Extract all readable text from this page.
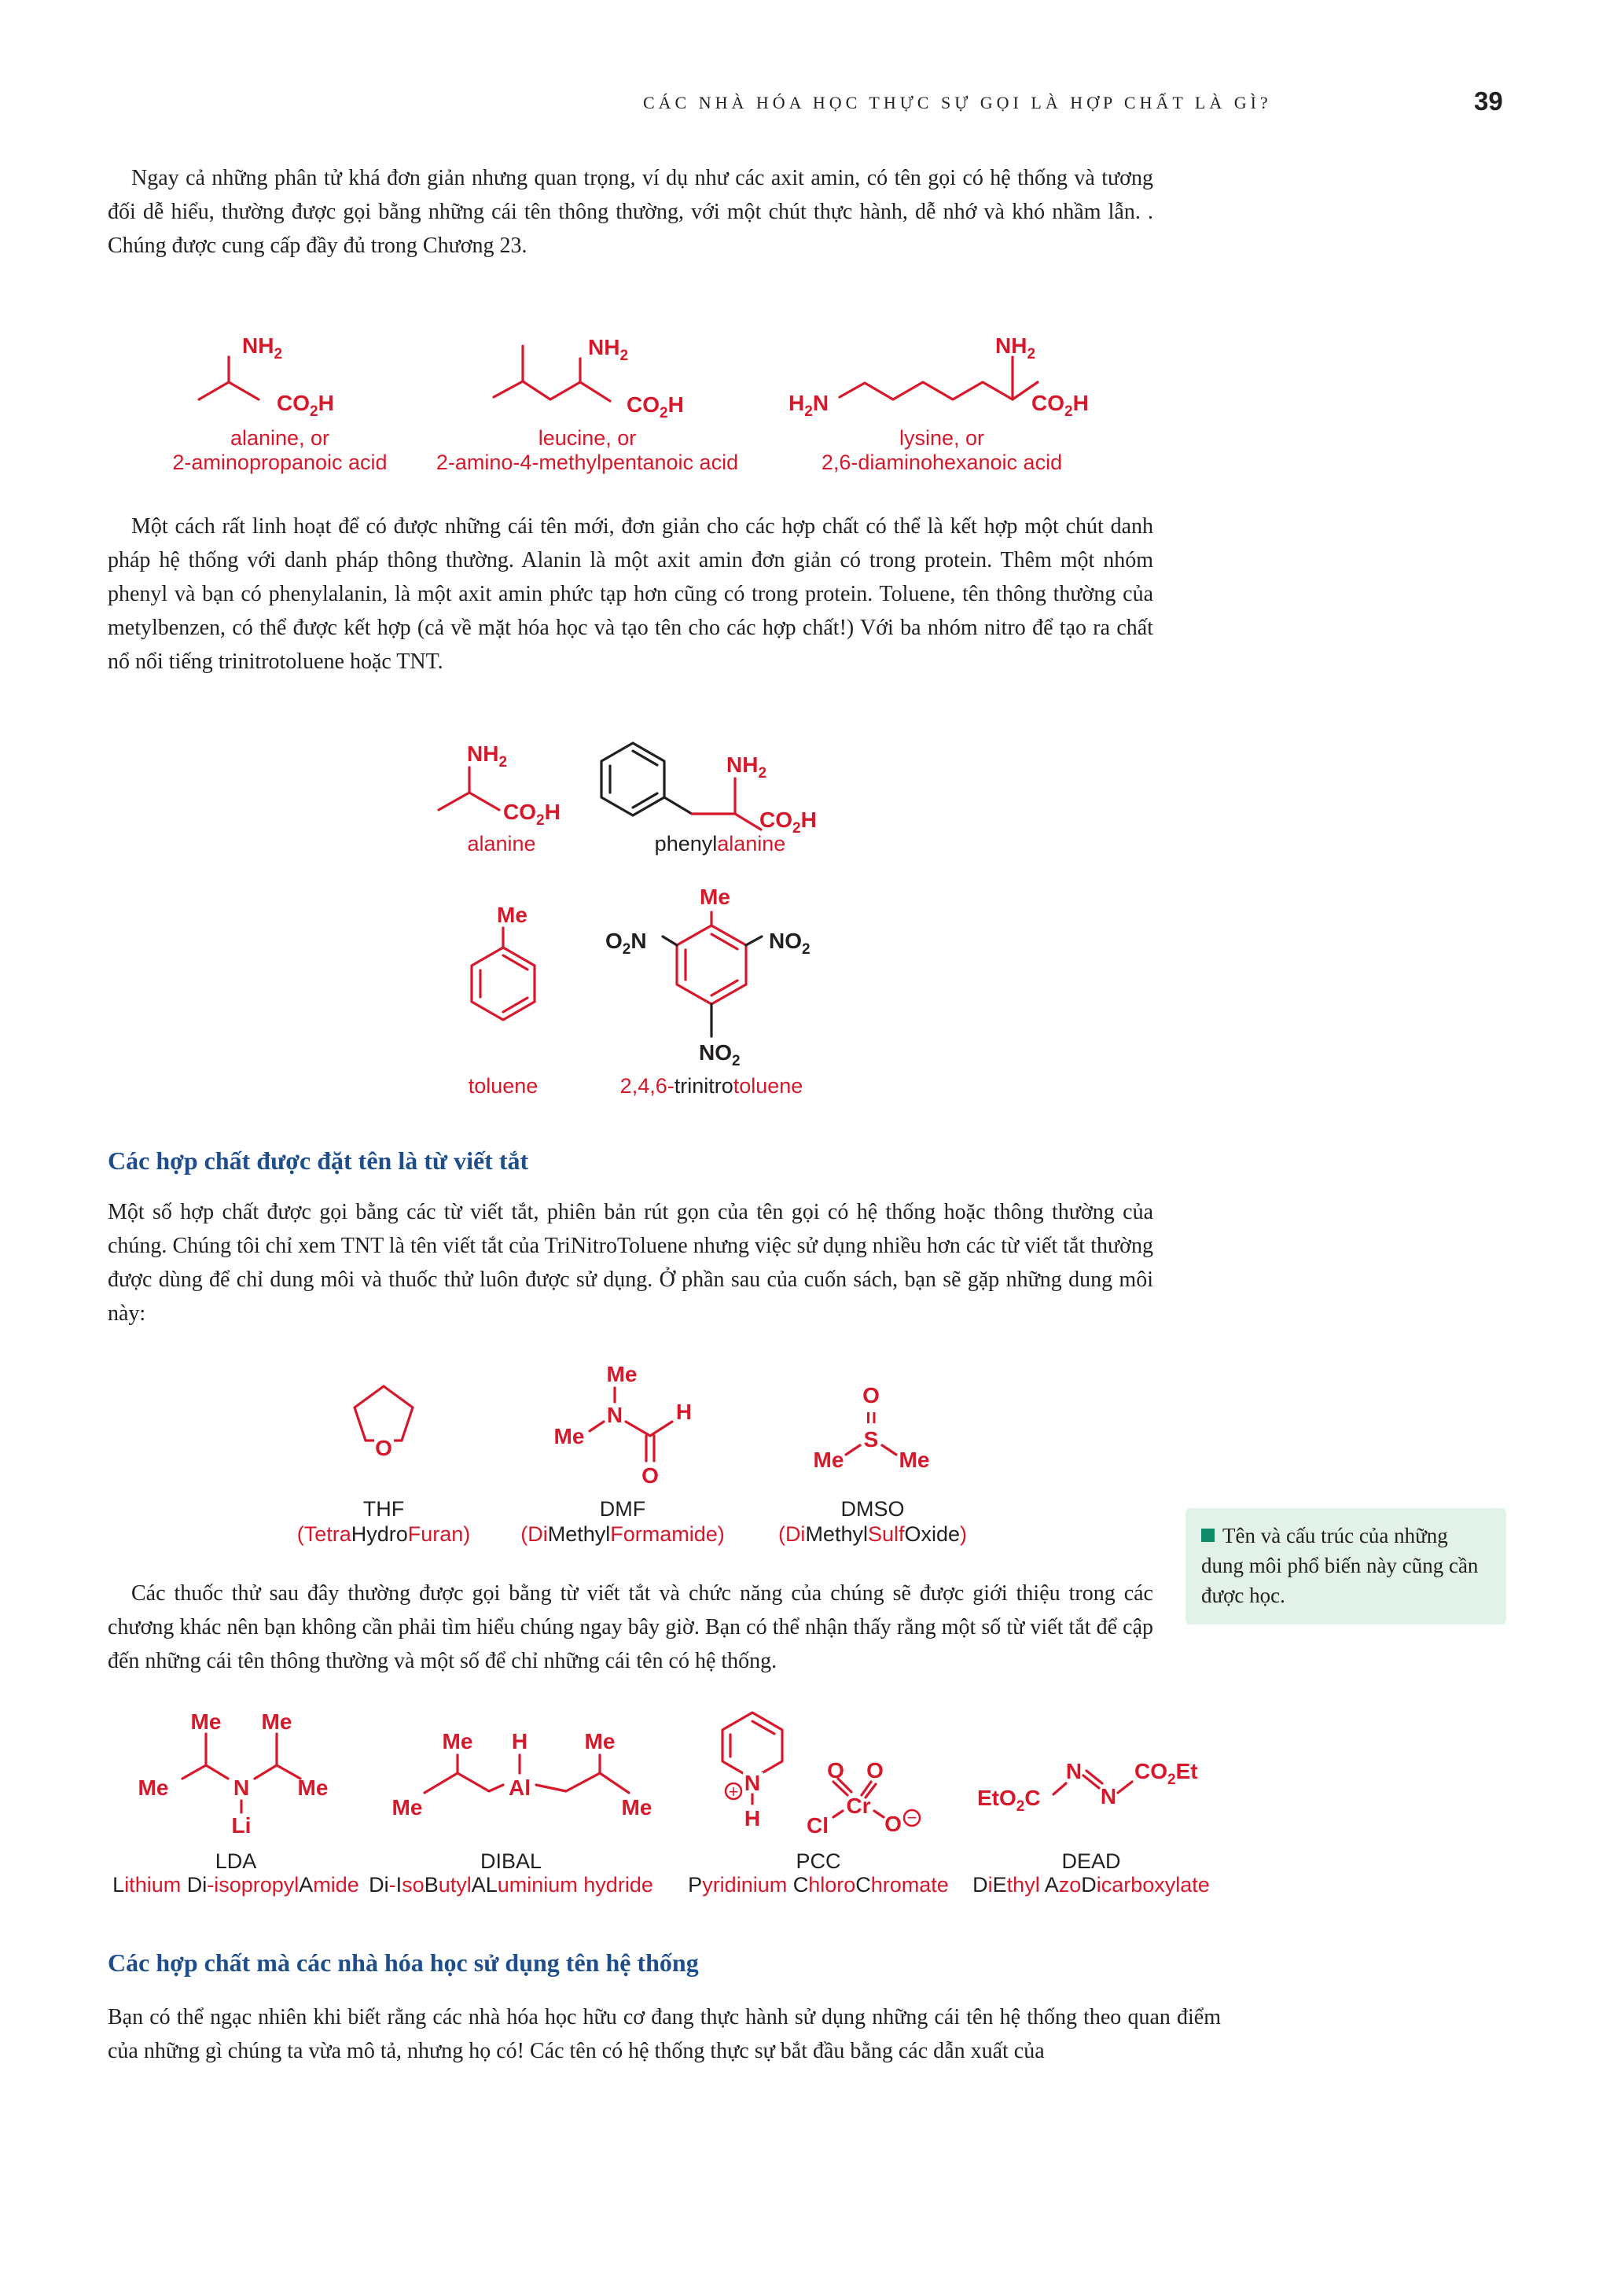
CÁC NHÀ HÓA HỌC THỰC SỰ GỌI LÀ HỢP CHẤT LÀ GÌ?	39

Ngay cả những phân tử khá đơn giản nhưng quan trọng, ví dụ như các axit amin, có tên gọi có hệ thống và tương đối dễ hiểu, thường được gọi bằng những cái tên thông thường, với một chút thực hành, dễ nhớ và khó nhầm lẫn. . Chúng được cung cấp đầy đủ trong Chương 23.

$NH_2$
$CO_2H$
alanine, or
2-aminopropanoic acid
$NH_2$
$CO_2H$
leucine, or
2-amino-4-methylpentanoic acid
$H_2N$
$NH_2$
$CO_2H$
lysine, or
2,6-diaminohexanoic acid

Một cách rất linh hoạt để có được những cái tên mới, đơn giản cho các hợp chất có thể là kết hợp một chút danh pháp hệ thống với danh pháp thông thường. Alanin là một axit amin đơn giản có trong protein. Thêm một nhóm phenyl và bạn có phenylalanin, là một axit amin phức tạp hơn cũng có trong protein. Toluene, tên thông thường của metylbenzen, có thể được kết hợp (cả về mặt hóa học và tạo tên cho các hợp chất!) Với ba nhóm nitro để tạo ra chất nổ nổi tiếng trinitrotoluene hoặc TNT.

$NH_2$
$CO_2H$
alanine
$NH_2$
$CO_2H$
phenylalanine
Me
toluene
Me
$O_2N$	$NO_2$
$NO_2$
2,4,6-trinitrotoluene
Các hợp chất được đặt tên là từ viết tắt

Một số hợp chất được gọi bằng các từ viết tắt, phiên bản rút gọn của tên gọi có hệ thống hoặc thông thường của chúng. Chúng tôi chỉ xem TNT là tên viết tắt của TriNitroToluene nhưng việc sử dụng nhiều hơn các từ viết tắt thường được dùng để chỉ dung môi và thuốc thử luôn được sử dụng. Ở phần sau của cuốn sách, bạn sẽ gặp những dung môi này:

O
THF
(TetraHydroFuran)
Me
N
Me
H
O
DMF
(DiMethylFormamide)
O
=
S
Me	Me
DMSO
(DiMethylSulfOxide)	Tên và cấu trúc của những dung môi phổ biến này cũng cần được học.

Các thuốc thử sau đây thường được gọi bằng từ viết tắt và chức năng của chúng sẽ được giới thiệu trong các chương khác nên bạn không cần phải tìm hiểu chúng ngay bây giờ. Bạn có thể nhận thấy rằng một số từ viết tắt để cập đến những cái tên thông thường và một số để chỉ những cái tên có hệ thống.

Me Me
Me	Me
N
Li
LDA
Lithium Di-isopropylAmide
Me H	Me
Me
Al
Me
DIBAL
Di-IsoButylALuminium hydride
N
+
H
O O
Cr
Cl	O −
PCC
Pyridinium ChloroChromate
EtO$_2$C
N
N
$CO_2Et$
DEAD
DiEthyl AzoDicarboxylate
Các hợp chất mà các nhà hóa học sử dụng tên hệ thống

Bạn có thể ngạc nhiên khi biết rằng các nhà hóa học hữu cơ đang thực hành sử dụng những cái tên hệ thống theo quan điểm của những gì chúng ta vừa mô tả, nhưng họ có! Các tên có hệ thống thực sự bắt đầu bằng các dẫn xuất của
